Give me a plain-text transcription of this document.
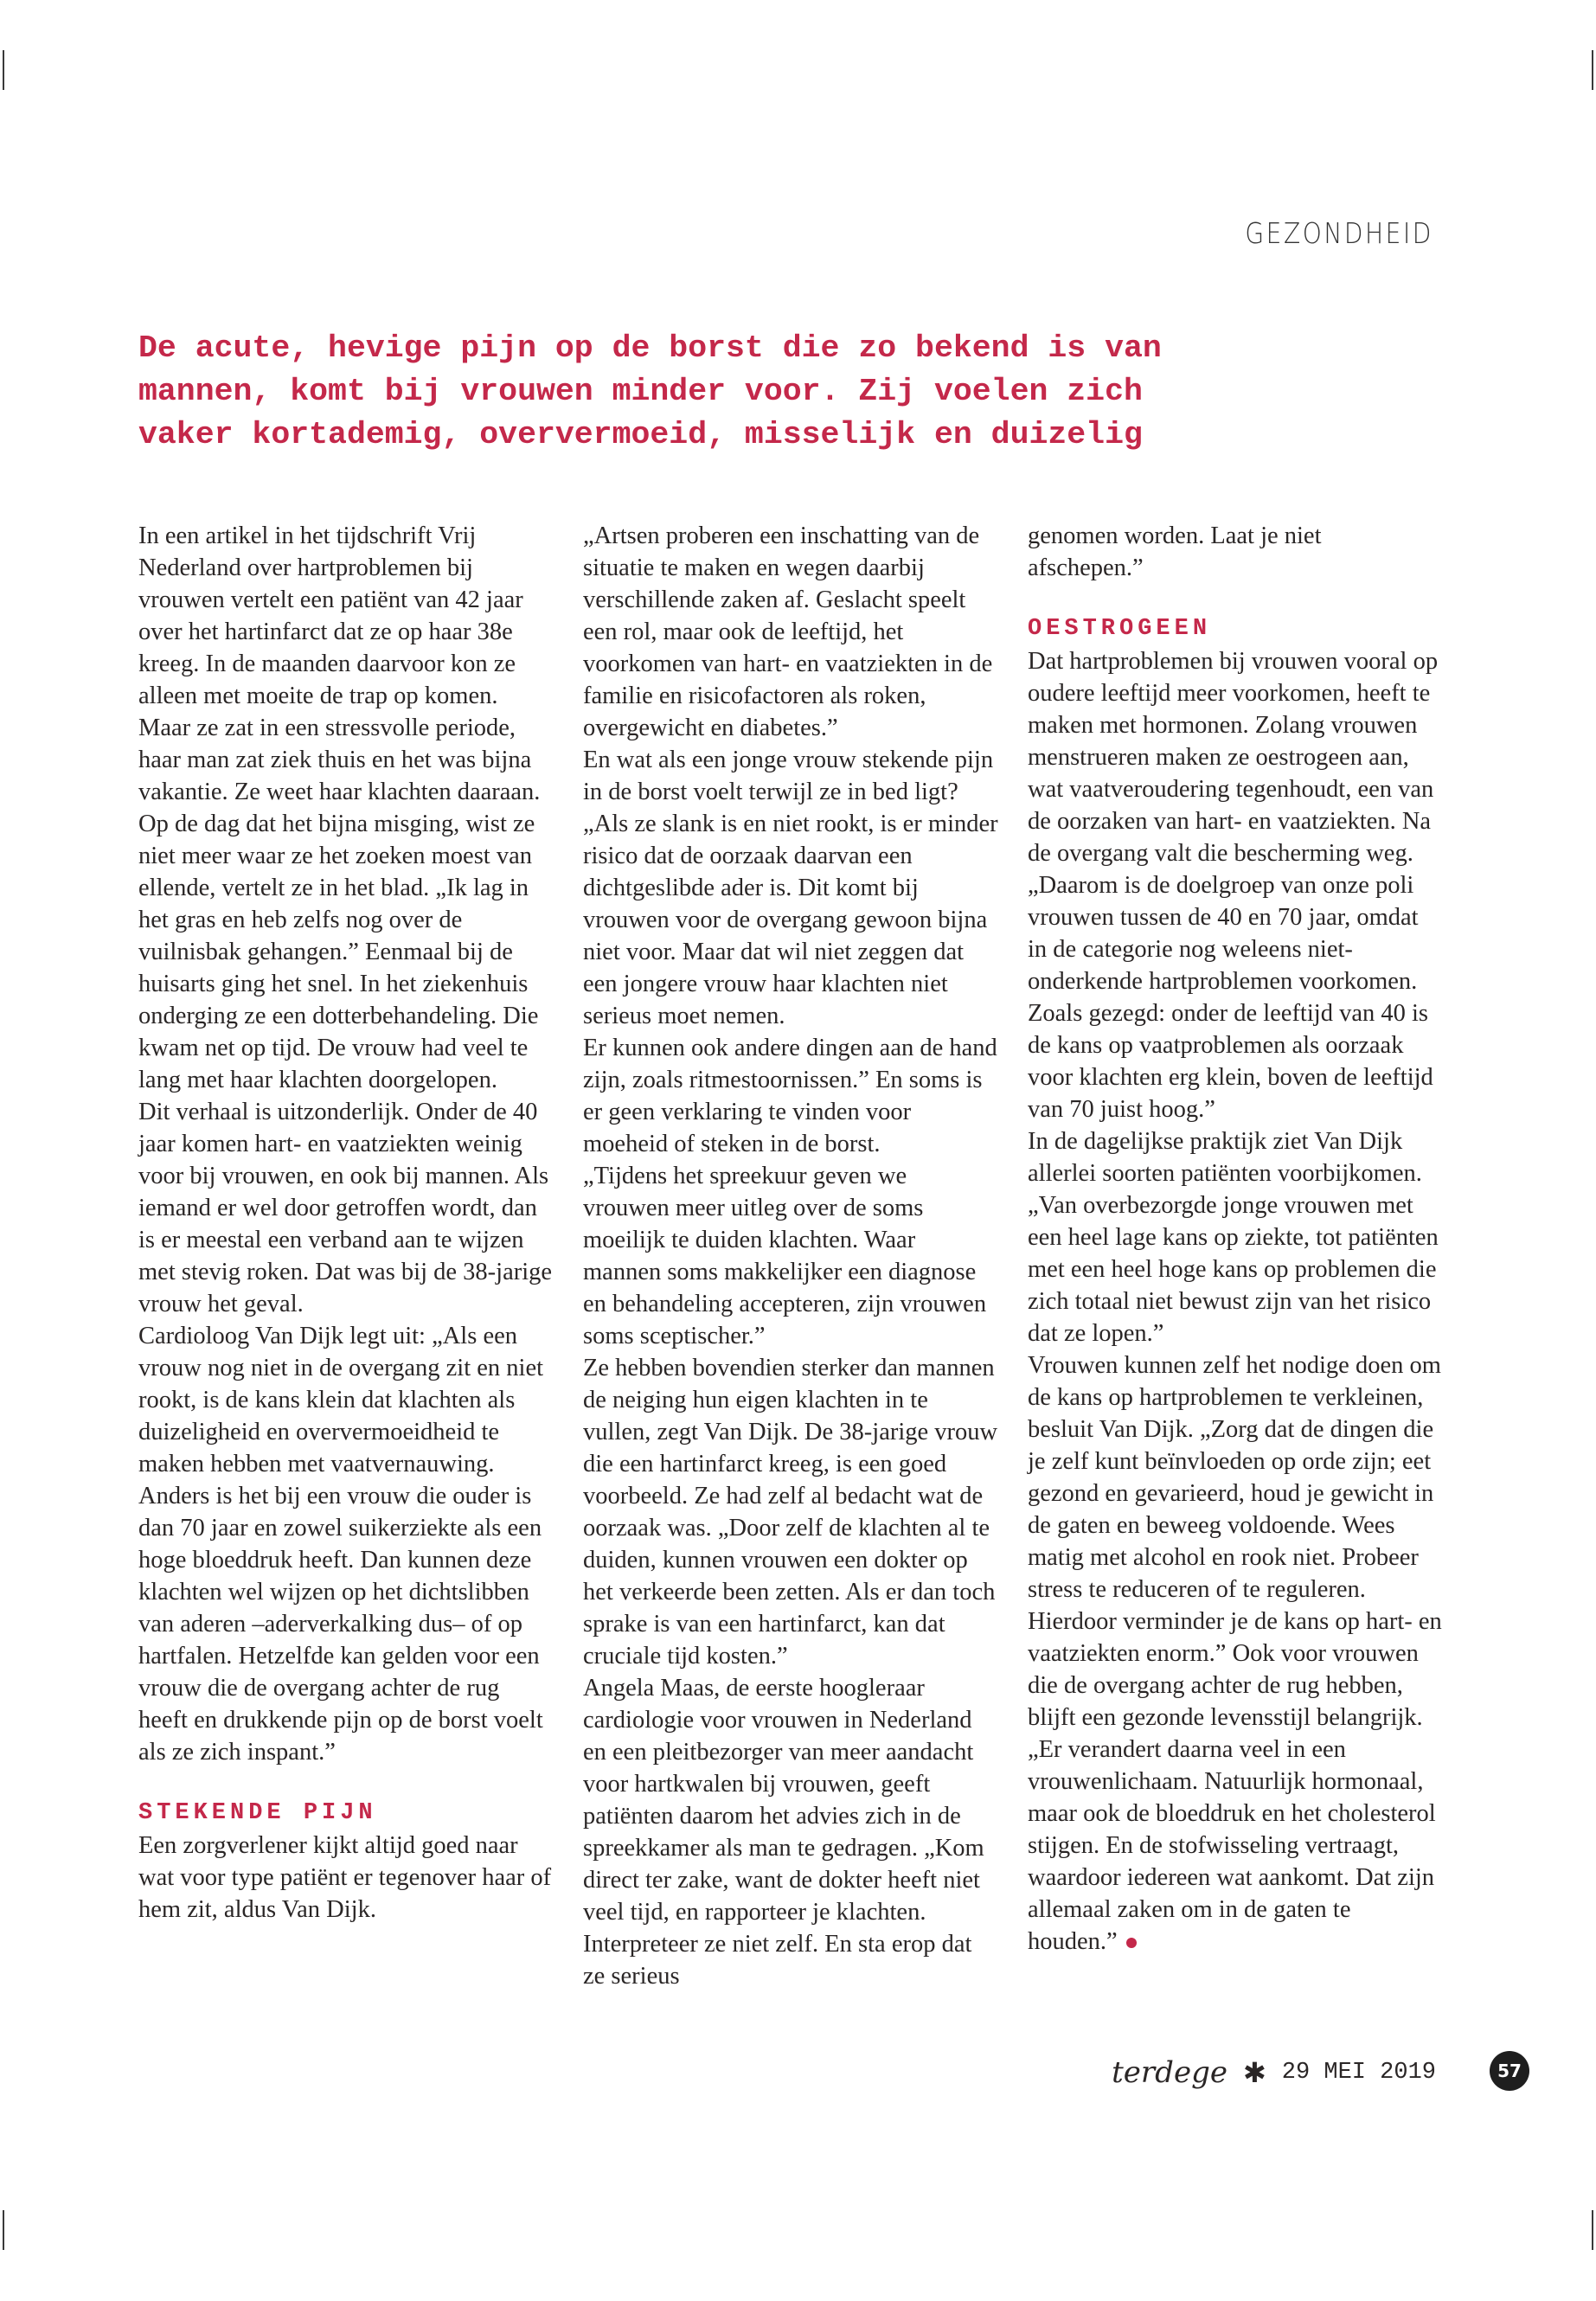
GEZONDHEID

De acute, hevige pijn op de borst die zo bekend is van mannen, komt bij vrouwen minder voor. Zij voelen zich vaker kortademig, oververmoeid, misselijk en duizelig

In een artikel in het tijdschrift Vrij Nederland over hartproblemen bij vrouwen vertelt een patiënt van 42 jaar over het hartinfarct dat ze op haar 38e kreeg. In de maanden daarvoor kon ze alleen met moeite de trap op komen. Maar ze zat in een stressvolle periode, haar man zat ziek thuis en het was bijna vakantie. Ze weet haar klachten daaraan. Op de dag dat het bijna misging, wist ze niet meer waar ze het zoeken moest van ellende, vertelt ze in het blad. „Ik lag in het gras en heb zelfs nog over de vuilnisbak gehangen.” Eenmaal bij de huisarts ging het snel. In het ziekenhuis onderging ze een dotterbehandeling. Die kwam net op tijd. De vrouw had veel te lang met haar klachten doorgelopen.

Dit verhaal is uitzonderlijk. Onder de 40 jaar komen hart- en vaatziekten weinig voor bij vrouwen, en ook bij mannen. Als iemand er wel door getroffen wordt, dan is er meestal een verband aan te wijzen met stevig roken. Dat was bij de 38-jarige vrouw het geval.

Cardioloog Van Dijk legt uit: „Als een vrouw nog niet in de overgang zit en niet rookt, is de kans klein dat klachten als duizeligheid en oververmoeidheid te maken hebben met vaatvernauwing. Anders is het bij een vrouw die ouder is dan 70 jaar en zowel suikerziekte als een hoge bloeddruk heeft. Dan kunnen deze klachten wel wijzen op het dichtslibben van aderen –aderverkalking dus– of op hartfalen. Hetzelfde kan gelden voor een vrouw die de overgang achter de rug heeft en drukkende pijn op de borst voelt als ze zich inspant.”

STEKENDE PIJN

Een zorgverlener kijkt altijd goed naar wat voor type patiënt er tegenover haar of hem zit, aldus Van Dijk.

„Artsen proberen een inschatting van de situatie te maken en wegen daarbij verschillende zaken af. Geslacht speelt een rol, maar ook de leeftijd, het voorkomen van hart- en vaatziekten in de familie en risicofactoren als roken, overgewicht en diabetes.”

En wat als een jonge vrouw stekende pijn in de borst voelt terwijl ze in bed ligt? „Als ze slank is en niet rookt, is er minder risico dat de oorzaak daarvan een dichtgeslibde ader is. Dit komt bij vrouwen voor de overgang gewoon bijna niet voor. Maar dat wil niet zeggen dat een jongere vrouw haar klachten niet serieus moet nemen.

Er kunnen ook andere dingen aan de hand zijn, zoals ritmestoornissen.” En soms is er geen verklaring te vinden voor moeheid of steken in de borst.

„Tijdens het spreekuur geven we vrouwen meer uitleg over de soms moeilijk te duiden klachten. Waar mannen soms makkelijker een diagnose en behandeling accepteren, zijn vrouwen soms sceptischer.”

Ze hebben bovendien sterker dan mannen de neiging hun eigen klachten in te vullen, zegt Van Dijk. De 38-jarige vrouw die een hartinfarct kreeg, is een goed voorbeeld. Ze had zelf al bedacht wat de oorzaak was. „Door zelf de klachten al te duiden, kunnen vrouwen een dokter op het verkeerde been zetten. Als er dan toch sprake is van een hartinfarct, kan dat cruciale tijd kosten.”

Angela Maas, de eerste hoogleraar cardiologie voor vrouwen in Nederland en een pleitbezorger van meer aandacht voor hartkwalen bij vrouwen, geeft patiënten daarom het advies zich in de spreekkamer als man te gedragen. „Kom direct ter zake, want de dokter heeft niet veel tijd, en rapporteer je klachten. Interpreteer ze niet zelf. En sta erop dat ze serieus

genomen worden. Laat je niet afschepen.”

OESTROGEEN

Dat hartproblemen bij vrouwen vooral op oudere leeftijd meer voorkomen, heeft te maken met hormonen. Zolang vrouwen menstrueren maken ze oestrogeen aan, wat vaatveroudering tegenhoudt, een van de oorzaken van hart- en vaatziekten. Na de overgang valt die bescherming weg. „Daarom is de doelgroep van onze poli vrouwen tussen de 40 en 70 jaar, omdat in de categorie nog weleens niet-onderkende hartproblemen voorkomen. Zoals gezegd: onder de leeftijd van 40 is de kans op vaatproblemen als oorzaak voor klachten erg klein, boven de leeftijd van 70 juist hoog.”

In de dagelijkse praktijk ziet Van Dijk allerlei soorten patiënten voorbijkomen. „Van overbezorgde jonge vrouwen met een heel lage kans op ziekte, tot patiënten met een heel hoge kans op problemen die zich totaal niet bewust zijn van het risico dat ze lopen.”

Vrouwen kunnen zelf het nodige doen om de kans op hartproblemen te verkleinen, besluit Van Dijk. „Zorg dat de dingen die je zelf kunt beïnvloeden op orde zijn; eet gezond en gevarieerd, houd je gewicht in de gaten en beweeg voldoende. Wees matig met alcohol en rook niet. Probeer stress te reduceren of te reguleren. Hierdoor verminder je de kans op hart- en vaatziekten enorm.” Ook voor vrouwen die de overgang achter de rug hebben, blijft een gezonde levensstijl belangrijk. „Er verandert daarna veel in een vrouwenlichaam. Natuurlijk hormonaal, maar ook de bloeddruk en het cholesterol stijgen. En de stofwisseling vertraagt, waardoor iedereen wat aankomt. Dat zijn allemaal zaken om in de gaten te houden.”

terdege ✱ 29 MEI 2019	57
